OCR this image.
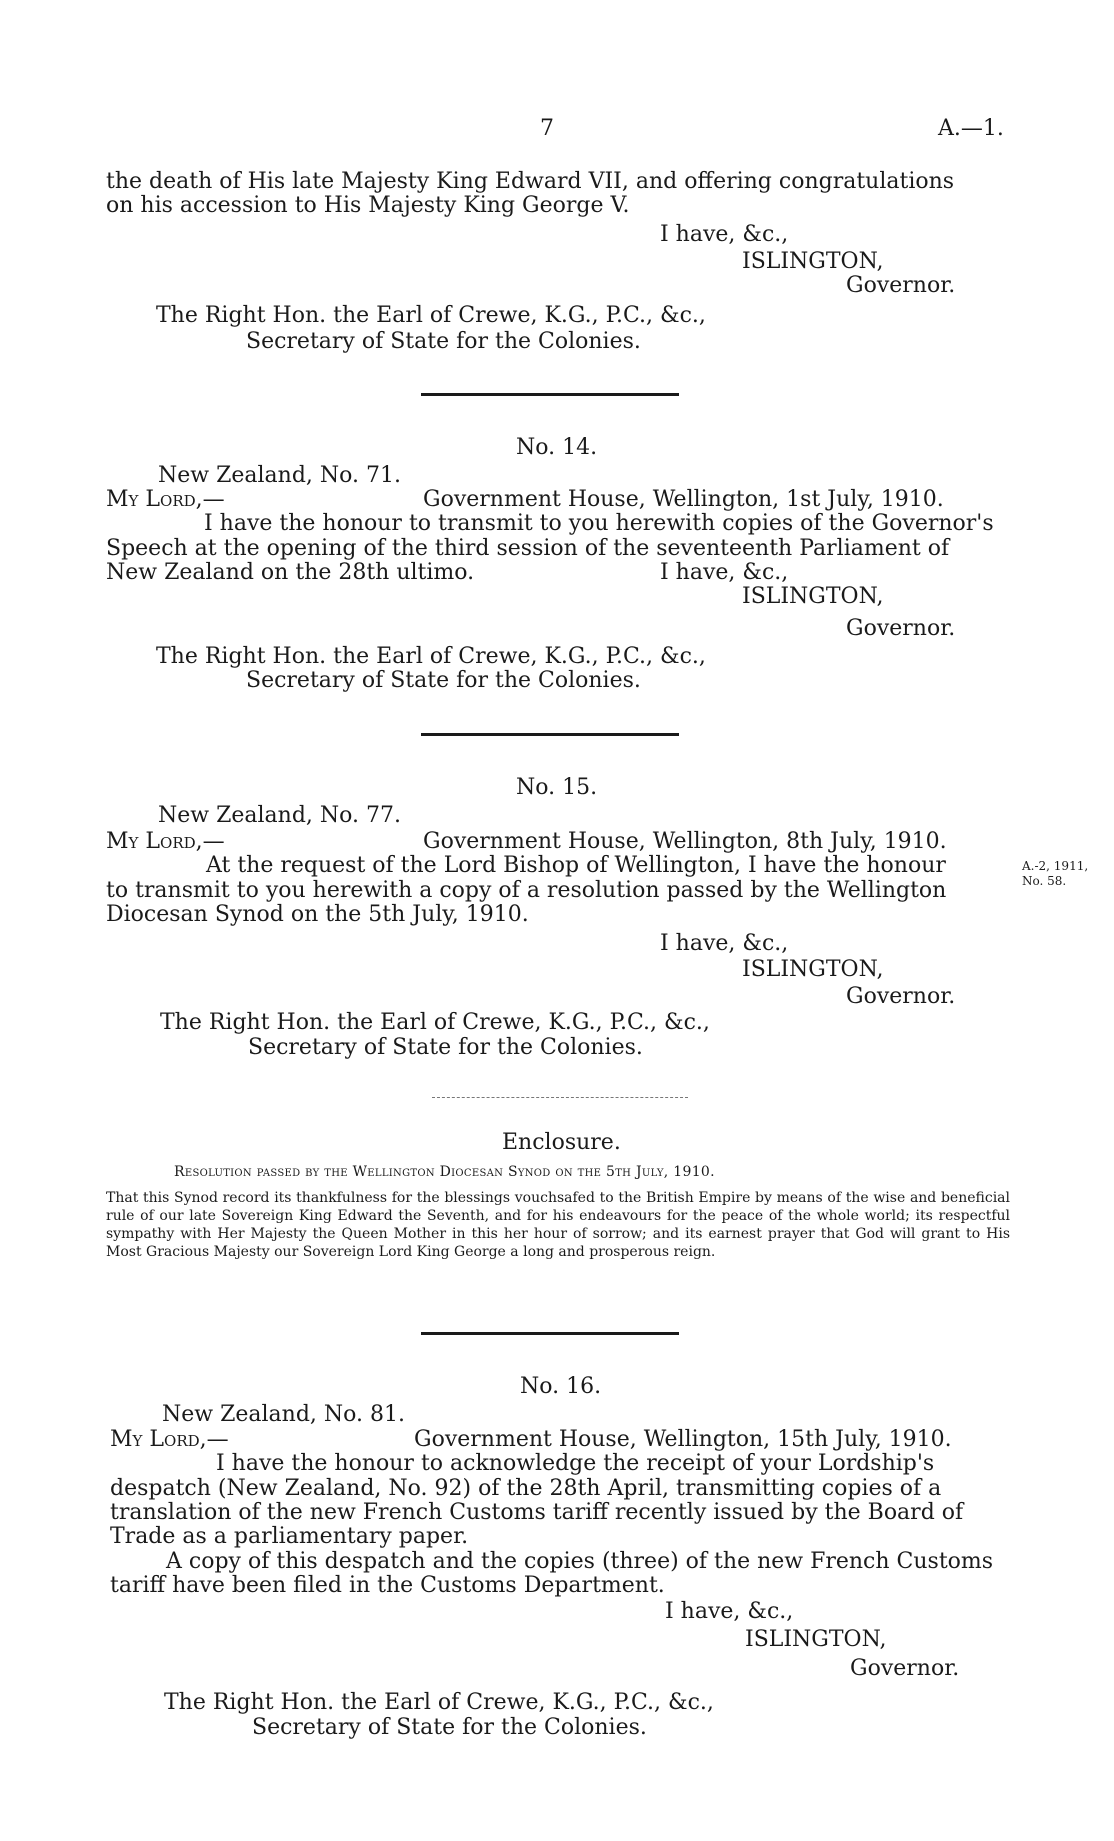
7	A.—1.
the death of His late Majesty King Edward VII, and offering congratulations
on his accession to His Majesty King George V.
I have, &c.,
ISLINGTON,
Governor.
The Right Hon. the Earl of Crewe, K.G., P.C., &c.,
Secretary of State for the Colonies.
No. 14.
New Zealand, No. 71.
My Lord,—	Government House, Wellington, 1st July, 1910.
I have the honour to transmit to you herewith copies of the Governor's
Speech at the opening of the third session of the seventeenth Parliament of
New Zealand on the 28th ultimo.	I have, &c.,
ISLINGTON,
Governor.
The Right Hon. the Earl of Crewe, K.G., P.C., &c.,
Secretary of State for the Colonies.
No. 15.
New Zealand, No. 77.
My Lord,—	Government House, Wellington, 8th July, 1910.
At the request of the Lord Bishop of Wellington, I have the honour
to transmit to you herewith a copy of a resolution passed by the Wellington
Diocesan Synod on the 5th July, 1910.
A.-2, 1911,
No. 58.
I have, &c.,
ISLINGTON,
Governor.
The Right Hon. the Earl of Crewe, K.G., P.C., &c.,
Secretary of State for the Colonies.
Enclosure.
Resolution passed by the Wellington Diocesan Synod on the 5th July, 1910.
That this Synod record its thankfulness for the blessings vouchsafed to the British Empire by means of the wise and beneficial rule of our late Sovereign King Edward the Seventh, and for his endeavours for the peace of the whole world; its respectful sympathy with Her Majesty the Queen Mother in this her hour of sorrow; and its earnest prayer that God will grant to His Most Gracious Majesty our Sovereign Lord King George a long and prosperous reign.
No. 16.
New Zealand, No. 81.
My Lord,—	Government House, Wellington, 15th July, 1910.
I have the honour to acknowledge the receipt of your Lordship's
despatch (New Zealand, No. 92) of the 28th April, transmitting copies of a
translation of the new French Customs tariff recently issued by the Board of
Trade as a parliamentary paper.
A copy of this despatch and the copies (three) of the new French Customs
tariff have been filed in the Customs Department.
I have, &c.,
ISLINGTON,
Governor.
The Right Hon. the Earl of Crewe, K.G., P.C., &c.,
Secretary of State for the Colonies.
